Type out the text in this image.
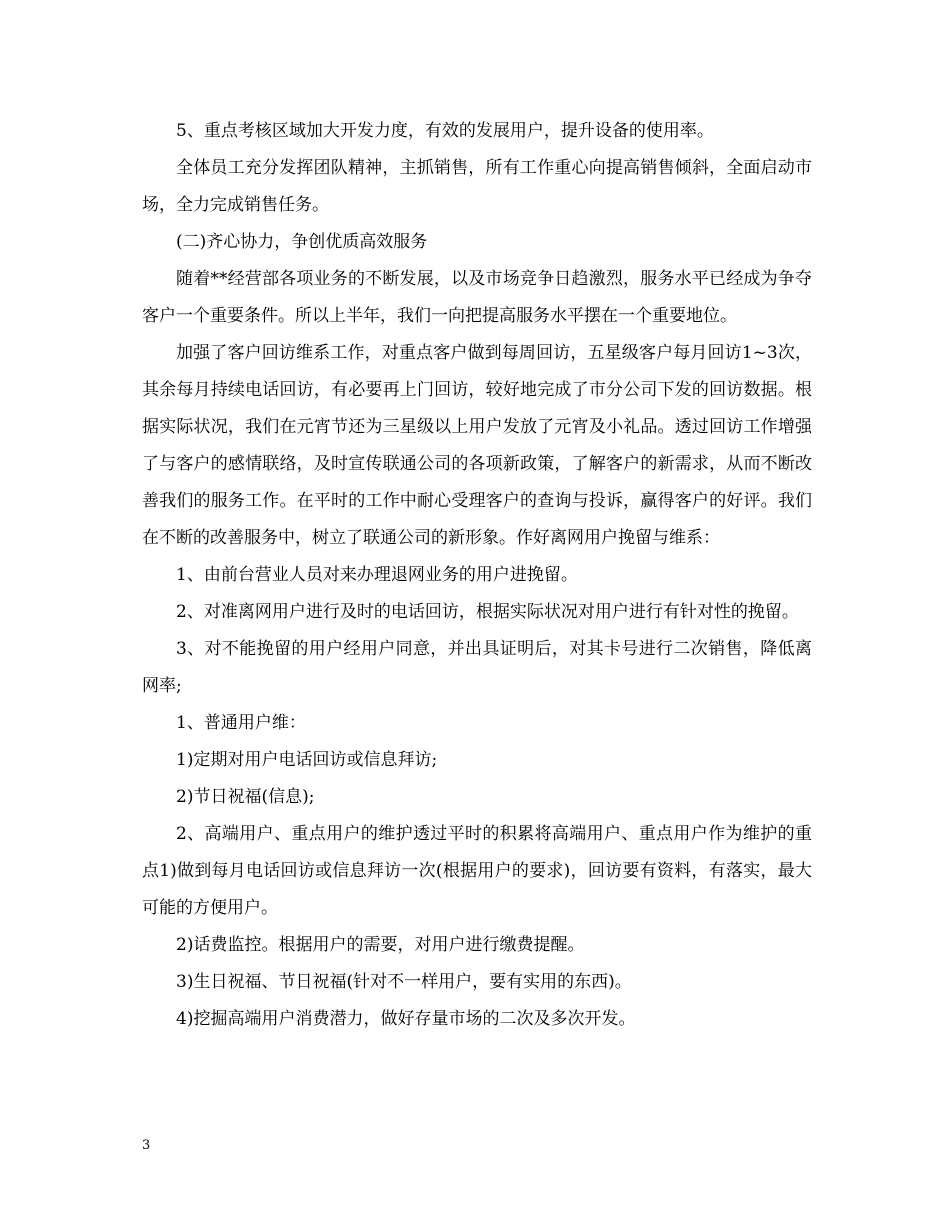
5、重点考核区域加大开发力度，有效的发展用户，提升设备的使用率。

全体员工充分发挥团队精神，主抓销售，所有工作重心向提高销售倾斜，全面启动市场，全力完成销售任务。

(二)齐心协力，争创优质高效服务

随着**经营部各项业务的不断发展，以及市场竞争日趋激烈，服务水平已经成为争夺客户一个重要条件。所以上半年，我们一向把提高服务水平摆在一个重要地位。

加强了客户回访维系工作，对重点客户做到每周回访，五星级客户每月回访1~3次，其余每月持续电话回访，有必要再上门回访，较好地完成了市分公司下发的回访数据。根据实际状况，我们在元宵节还为三星级以上用户发放了元宵及小礼品。透过回访工作增强了与客户的感情联络，及时宣传联通公司的各项新政策，了解客户的新需求，从而不断改善我们的服务工作。在平时的工作中耐心受理客户的查询与投诉，赢得客户的好评。我们在不断的改善服务中，树立了联通公司的新形象。作好离网用户挽留与维系：

1、由前台营业人员对来办理退网业务的用户进挽留。

2、对准离网用户进行及时的电话回访，根据实际状况对用户进行有针对性的挽留。

3、对不能挽留的用户经用户同意，并出具证明后，对其卡号进行二次销售，降低离网率;

1、普通用户维：

1)定期对用户电话回访或信息拜访;

2)节日祝福(信息);

2、高端用户、重点用户的维护透过平时的积累将高端用户、重点用户作为维护的重点1)做到每月电话回访或信息拜访一次(根据用户的要求)，回访要有资料，有落实，最大可能的方便用户。

2)话费监控。根据用户的需要，对用户进行缴费提醒。

3)生日祝福、节日祝福(针对不一样用户，要有实用的东西)。

4)挖掘高端用户消费潜力，做好存量市场的二次及多次开发。

3
